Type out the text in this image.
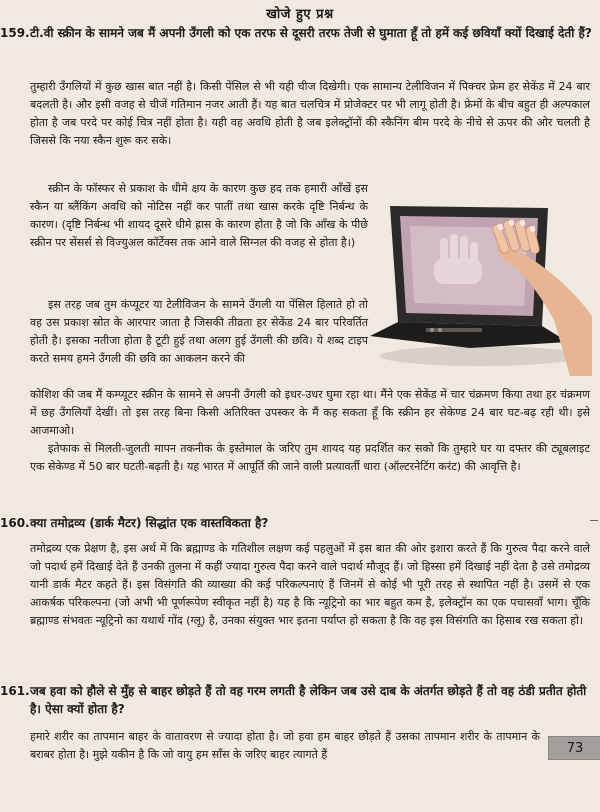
खोजे हुए प्रश्न
159. टी.वी स्क्रीन के सामने जब मैं अपनी उँगली को एक तरफ से दूसरी तरफ तेजी से घुमाता हूँ तो हमें कई छवियाँ क्यों दिखाई देती हैं?

तुम्हारी उँगलियों में कुछ खास बात नहीं है। किसी पेंसिल से भी यही चीज दिखेगी। एक सामान्य टेलीविजन में पिक्चर फ्रेम हर सेकेंड में 24 बार बदलती है। और इसी वजह से चीजें गतिमान नजर आती हैं। यह बात चलचित्र में प्रोजेक्टर पर भी लागू होती है। फ्रेमों के बीच बहुत ही अल्पकाल होता है जब परदे पर कोई चित्र नहीं होता है। यही वह अवधि होती है जब इलेक्ट्रॉनों की स्कैनिंग बीम परदे के नीचे से ऊपर की ओर चलती है जिससे कि नया स्कैन शुरू कर सके।

स्क्रीन के फॉस्फर से प्रकाश के धीमे क्षय के कारण कुछ हद तक हमारी आँखें इस स्कैन या ब्लैंकिंग अवधि को नोटिस नहीं कर पातीं तथा खास करके दृष्टि निर्बन्ध के कारण। (दृष्टि निर्बन्ध भी शायद दूसरे धीमे ह्रास के कारण होता है जो कि आँख के पीछे स्क्रीन पर सेंसर्स से विज्युअल कॉर्टेक्स तक आने वाले सिग्नल की वजह से होता है।)

इस तरह जब तुम कंप्यूटर या टेलीविजन के सामने उँगली या पेंसिल हिलाते हो तो वह उस प्रकाश स्रोत के आरपार जाता है जिसकी तीव्रता हर सेकेंड 24 बार परिवर्तित होती है। इसका नतीजा होता है टूटी हुई तथा अलग हुई उँगली की छवि। ये शब्द टाइप करते समय हमने उँगली की छवि का आकलन करने की

कोशिश की जब मैं कम्प्यूटर स्क्रीन के सामने से अपनी उँगली को इधर-उधर घुमा रहा था। मैंने एक सेकेंड में चार चंक्रमण किया तथा हर चंक्रमण में छह उँगलियाँ देखीं। तो इस तरह बिना किसी अतिरिक्त उपस्कर के मैं कह सकता हूँ कि स्क्रीन हर सेकेण्ड 24 बार घट-बढ़ रही थी। इसे आजमाओ।

इतेफाक से मिलती-जुलती मापन तकनीक के इस्तेमाल के जरिए तुम शायद यह प्रदर्शित कर सको कि तुम्हारे घर या दफ्तर की ट्यूबलाइट एक सेकेण्ड में 50 बार घटती-बढ़ती है। यह भारत में आपूर्ति की जाने वाली प्रत्यावर्ती धारा (ऑल्टरनेटिंग करंट) की आवृत्ति है।

160. क्या तमोद्रव्य (डार्क मैटर) सिद्धांत एक वास्तविकता है?

तमोद्रव्य एक प्रेक्षण है, इस अर्थ में कि ब्रह्माण्ड के गतिशील लक्षण कई पहलुओं में इस बात की ओर इशारा करते हैं कि गुरुत्व पैदा करने वाले जो पदार्थ हमें दिखाई देते हैं उनकी तुलना में कहीं ज्यादा गुरुत्व पैदा करने वाले पदार्थ मौजूद हैं। जो हिस्सा हमें दिखाई नहीं देता है उसे तमोद्रव्य यानी डार्क मैटर कहते हैं। इस विसंगति की व्याख्या की कई परिकल्पनाएं हैं जिनमें से कोई भी पूरी तरह से स्थापित नहीं है। उसमें से एक आकर्षक परिकल्पना (जो अभी भी पूर्णरूपेण स्वीकृत नहीं है) यह है कि न्यूट्रिनो का भार बहुत कम है, इलेक्ट्रॉन का एक पचासवाँ भाग। चूँकि ब्रह्माण्ड संभवतः न्यूट्रिनो का यथार्थ गोंद (ग्लू) है, उनका संयुक्त भार इतना पर्याप्त हो सकता है कि वह इस विसंगति का हिसाब रख सकता हो।

161. जब हवा को हौले से मुँह से बाहर छोड़ते हैं तो वह गरम लगती है लेकिन जब उसे दाब के अंतर्गत छोड़ते हैं तो वह ठंडी प्रतीत होती है। ऐसा क्यों होता है?

हमारे शरीर का तापमान बाहर के वातावरण से ज्यादा होता है। जो हवा हम बाहर छोड़ते हैं उसका तापमान शरीर के तापमान के बराबर होता है। मुझे यकीन है कि जो वायु हम साँस के जरिए बाहर त्यागते हैं	73
